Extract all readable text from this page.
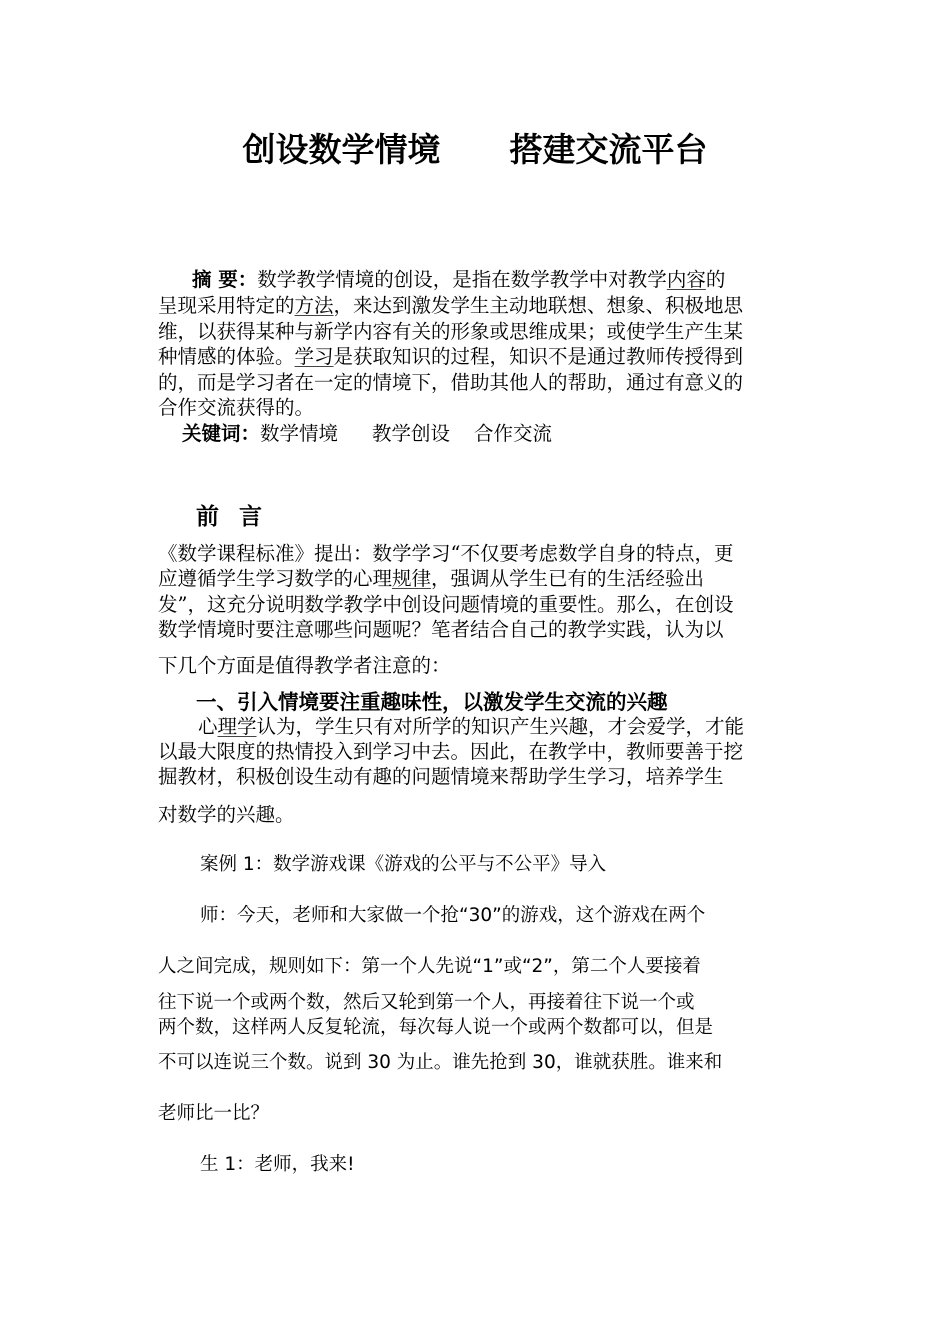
创设数学情境      搭建交流平台
摘 要：数学教学情境的创设，是指在数学教学中对教学内容的
呈现采用特定的方法，来达到激发学生主动地联想、想象、积极地思
维，以获得某种与新学内容有关的形象或思维成果；或使学生产生某
种情感的体验。学习是获取知识的过程，知识不是通过教师传授得到
的，而是学习者在一定的情境下，借助其他人的帮助，通过有意义的
合作交流获得的。
关键词：数学情境 教学创设 合作交流
前 言
《数学课程标准》提出：数学学习“不仅要考虑数学自身的特点，更
应遵循学生学习数学的心理规律，强调从学生已有的生活经验出
发”，这充分说明数学教学中创设问题情境的重要性。那么，在创设
数学情境时要注意哪些问题呢？笔者结合自己的教学实践，认为以
下几个方面是值得教学者注意的：
一、引入情境要注重趣味性，以激发学生交流的兴趣
心理学认为，学生只有对所学的知识产生兴趣，才会爱学，才能
以最大限度的热情投入到学习中去。因此，在教学中，教师要善于挖
掘教材，积极创设生动有趣的问题情境来帮助学生学习，培养学生
对数学的兴趣。
案例 1：数学游戏课《游戏的公平与不公平》导入
师：今天，老师和大家做一个抢“30”的游戏，这个游戏在两个
人之间完成，规则如下：第一个人先说“1”或“2”，第二个人要接着
往下说一个或两个数，然后又轮到第一个人，再接着往下说一个或
两个数，这样两人反复轮流，每次每人说一个或两个数都可以，但是
不可以连说三个数。说到 30 为止。谁先抢到 30，谁就获胜。谁来和
老师比一比？
生 1：老师，我来!
